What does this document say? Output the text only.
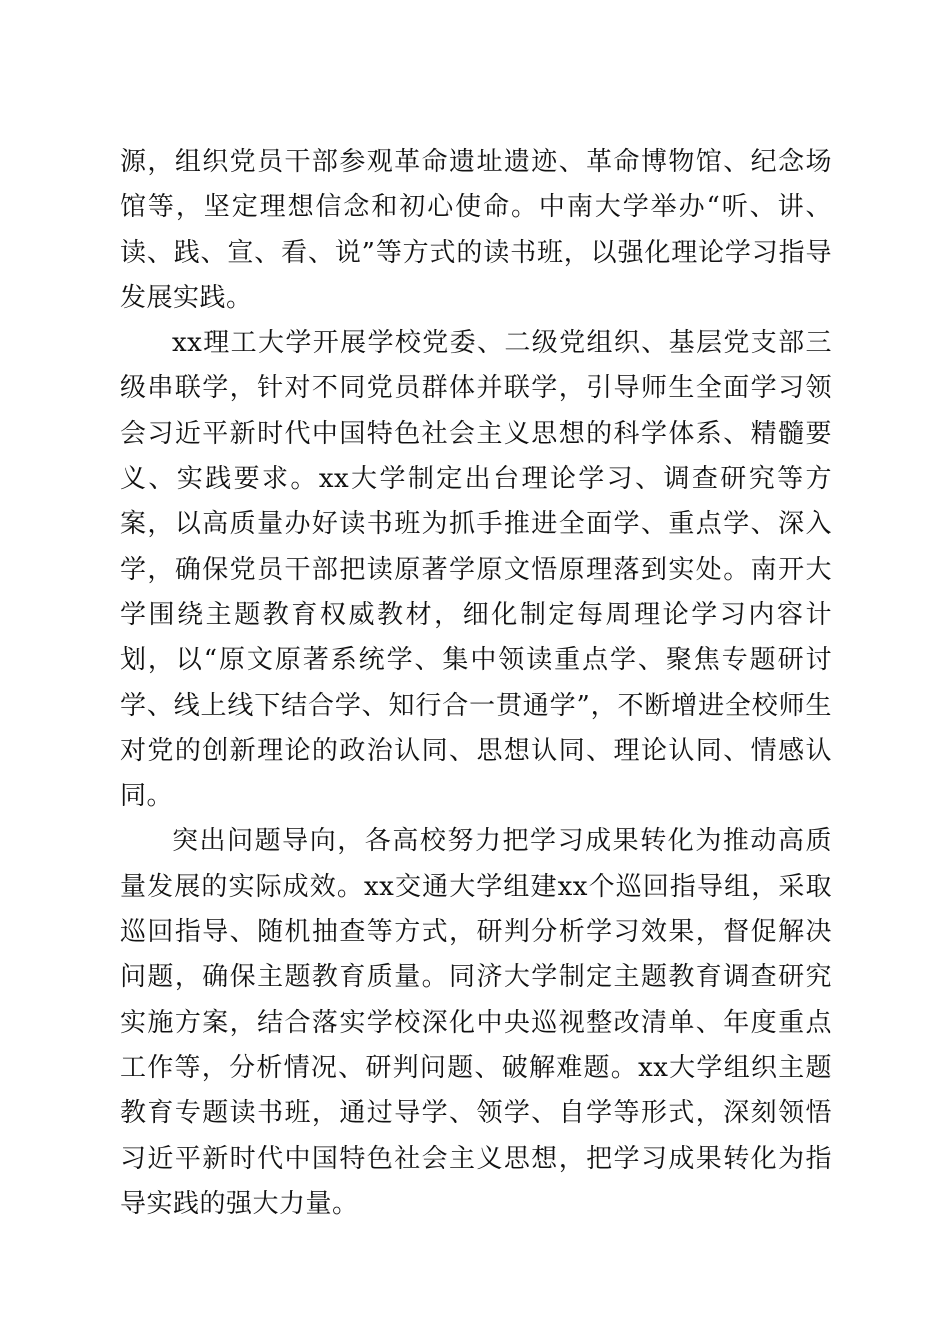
源，组织党员干部参观革命遗址遗迹、革命博物馆、纪念场馆等，坚定理想信念和初心使命。中南大学举办“听、讲、读、践、宣、看、说”等方式的读书班，以强化理论学习指导发展实践。

xx理工大学开展学校党委、二级党组织、基层党支部三级串联学，针对不同党员群体并联学，引导师生全面学习领会习近平新时代中国特色社会主义思想的科学体系、精髓要义、实践要求。xx大学制定出台理论学习、调查研究等方案，以高质量办好读书班为抓手推进全面学、重点学、深入学，确保党员干部把读原著学原文悟原理落到实处。南开大学围绕主题教育权威教材，细化制定每周理论学习内容计划，以“原文原著系统学、集中领读重点学、聚焦专题研讨学、线上线下结合学、知行合一贯通学”，不断增进全校师生对党的创新理论的政治认同、思想认同、理论认同、情感认同。

突出问题导向，各高校努力把学习成果转化为推动高质量发展的实际成效。xx交通大学组建xx个巡回指导组，采取巡回指导、随机抽查等方式，研判分析学习效果，督促解决问题，确保主题教育质量。同济大学制定主题教育调查研究实施方案，结合落实学校深化中央巡视整改清单、年度重点工作等，分析情况、研判问题、破解难题。xx大学组织主题教育专题读书班，通过导学、领学、自学等形式，深刻领悟习近平新时代中国特色社会主义思想，把学习成果转化为指导实践的强大力量。
